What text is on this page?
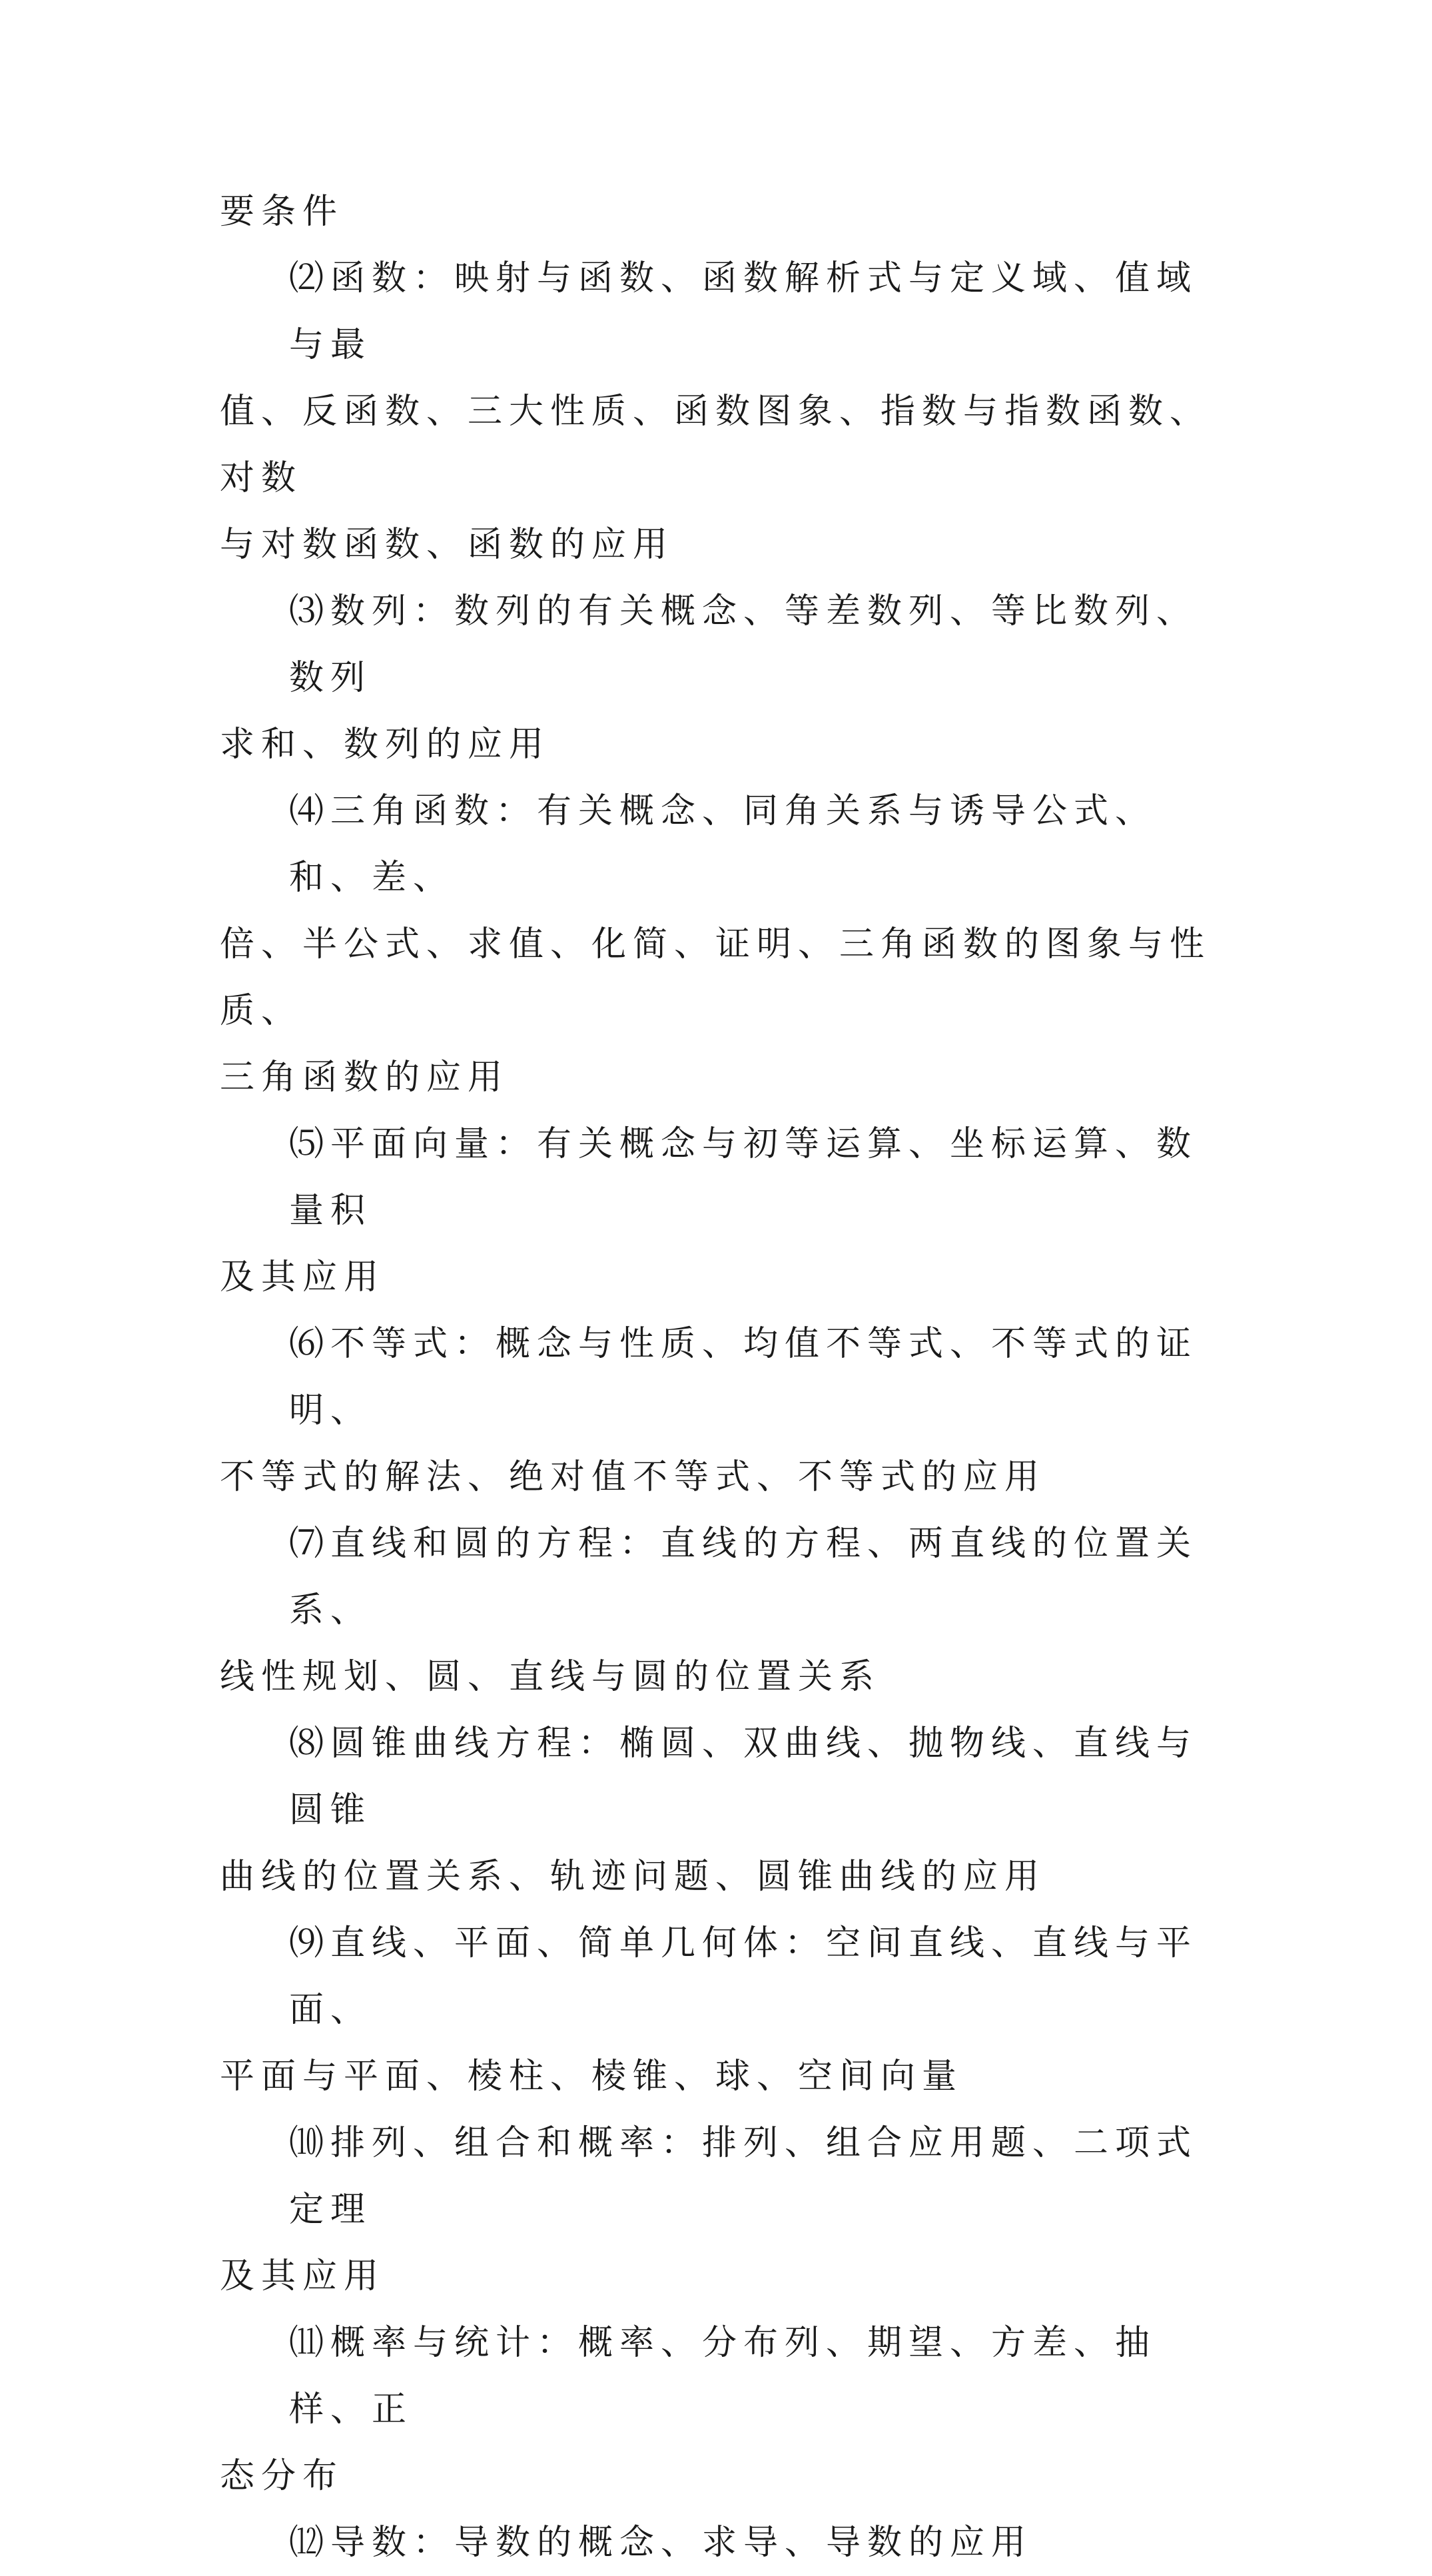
要条件
⑵函数：映射与函数、函数解析式与定义域、值域与最
值、反函数、三大性质、函数图象、指数与指数函数、对数
与对数函数、函数的应用
⑶数列：数列的有关概念、等差数列、等比数列、数列
求和、数列的应用
⑷三角函数：有关概念、同角关系与诱导公式、和、差、
倍、半公式、求值、化简、证明、三角函数的图象与性质、
三角函数的应用
⑸平面向量：有关概念与初等运算、坐标运算、数量积
及其应用
⑹不等式：概念与性质、均值不等式、不等式的证明、
不等式的解法、绝对值不等式、不等式的应用
⑺直线和圆的方程：直线的方程、两直线的位置关系、
线性规划、圆、直线与圆的位置关系
⑻圆锥曲线方程：椭圆、双曲线、抛物线、直线与圆锥
曲线的位置关系、轨迹问题、圆锥曲线的应用
⑼直线、平面、简单几何体：空间直线、直线与平面、
平面与平面、棱柱、棱锥、球、空间向量
⑽排列、组合和概率：排列、组合应用题、二项式定理
及其应用
⑾概率与统计：概率、分布列、期望、方差、抽样、正
态分布
⑿导数：导数的概念、求导、导数的应用
